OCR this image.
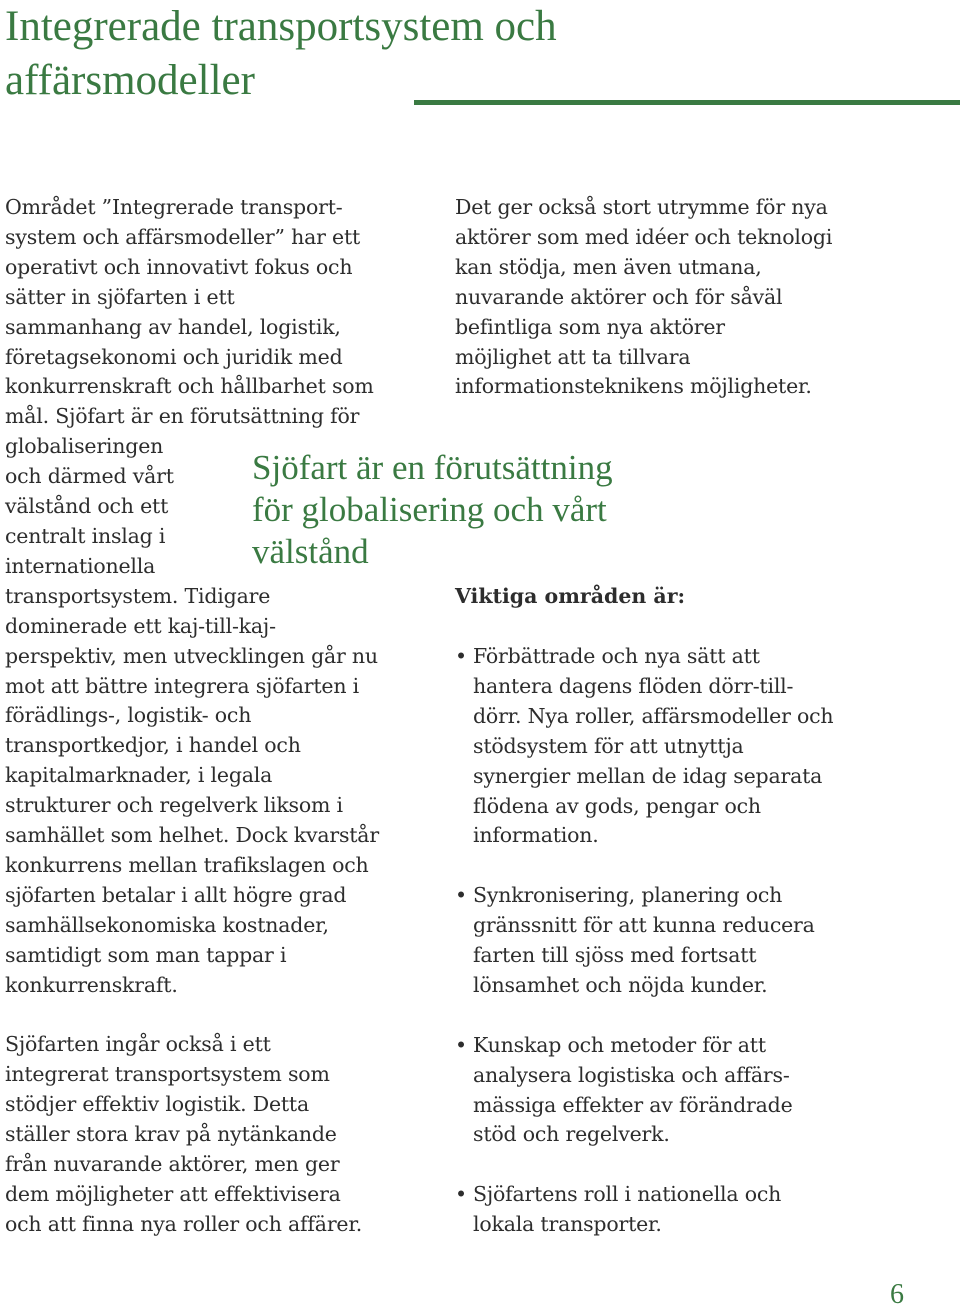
Integrerade transportsystem och
affärsmodeller

Området ”Integrerade transport-
system och affärsmodeller” har ett
operativt och innovativt fokus och
sätter in sjöfarten i ett
sammanhang av handel, logistik,
företagsekonomi och juridik med
konkurrenskraft och hållbarhet som
mål. Sjöfart är en förutsättning för
globaliseringen
och därmed vårt
välstånd och ett
centralt inslag i
internationella
transportsystem. Tidigare
dominerade ett kaj-till-kaj-
perspektiv, men utvecklingen går nu
mot att bättre integrera sjöfarten i
förädlings-, logistik- och
transportkedjor, i handel och
kapitalmarknader, i legala
strukturer och regelverk liksom i
samhället som helhet. Dock kvarstår
konkurrens mellan trafikslagen och
sjöfarten betalar i allt högre grad
samhällsekonomiska kostnader,
samtidigt som man tappar i
konkurrenskraft.

Sjöfarten ingår också i ett
integrerat transportsystem som
stödjer effektiv logistik. Detta
ställer stora krav på nytänkande
från nuvarande aktörer, men ger
dem möjligheter att effektivisera
och att finna nya roller och affärer.

Det ger också stort utrymme för nya
aktörer som med idéer och teknologi
kan stödja, men även utmana,
nuvarande aktörer och för såväl
befintliga som nya aktörer
möjlighet att ta tillvara
informationsteknikens möjligheter.

Sjöfart är en förutsättning
för globalisering och vårt
välstånd

Viktiga områden är:
• Förbättrade och nya sätt att
hantera dagens flöden dörr-till-
dörr. Nya roller, affärsmodeller och
stödsystem för att utnyttja
synergier mellan de idag separata
flödena av gods, pengar och
information.

• Synkronisering, planering och
gränssnitt för att kunna reducera
farten till sjöss med fortsatt
lönsamhet och nöjda kunder.

• Kunskap och metoder för att
analysera logistiska och affärs-
mässiga effekter av förändrade
stöd och regelverk.

• Sjöfartens roll i nationella och
lokala transporter.

6
